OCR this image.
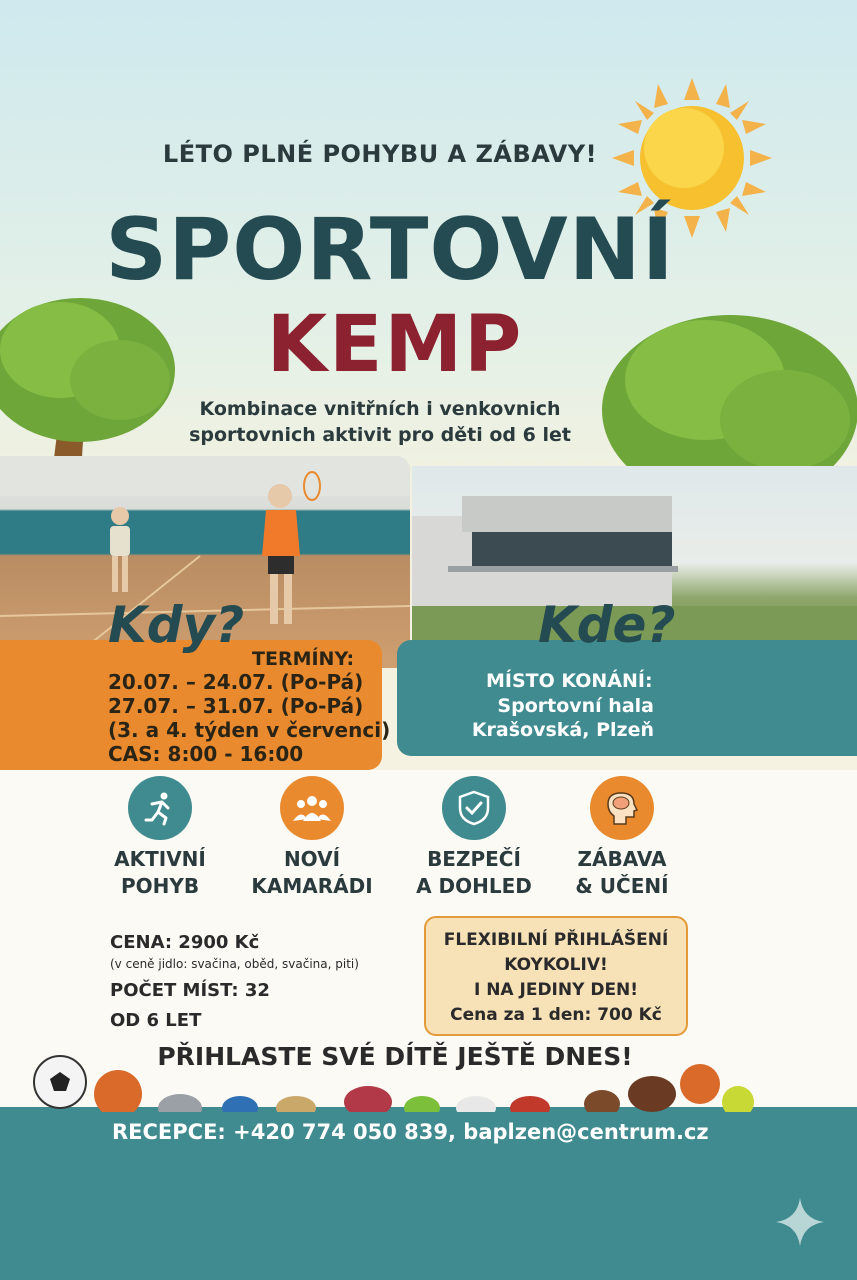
LÉTO PLNÉ POHYBU A ZÁBAVY!
SPORTOVNÍ
KEMP
Kombinace vnitřních i venkovnich
sportovnich aktivit pro děti od 6 let
Kdy?	Kde?
TERMÍNY:
20.07. – 24.07. (Po-Pá)
27.07. – 31.07. (Po-Pá)
(3. a 4. týden v červenci)
CAS: 8:00 - 16:00
MÍSTO KONÁNÍ:
Sportovní hala
Krašovská, Plzeň
AKTIVNÍ
POHYB
NOVÍ
KAMARÁDI
BEZPEČÍ
A DOHLED
ZÁBAVA
& UČENÍ
CENA: 2900 Kč
(v ceně jidlo: svačina, oběd, svačina, piti)
POČET MÍST: 32
OD 6 LET
FLEXIBILNÍ PŘIHLÁŠENÍ
KOYKOLIV!
I NA JEDINY DEN!
Cena za 1 den: 700 Kč
PŘIHLASTE SVÉ DÍTĚ JEŠTĚ DNES!
RECEPCE: +420 774 050 839, baplzen@centrum.cz
